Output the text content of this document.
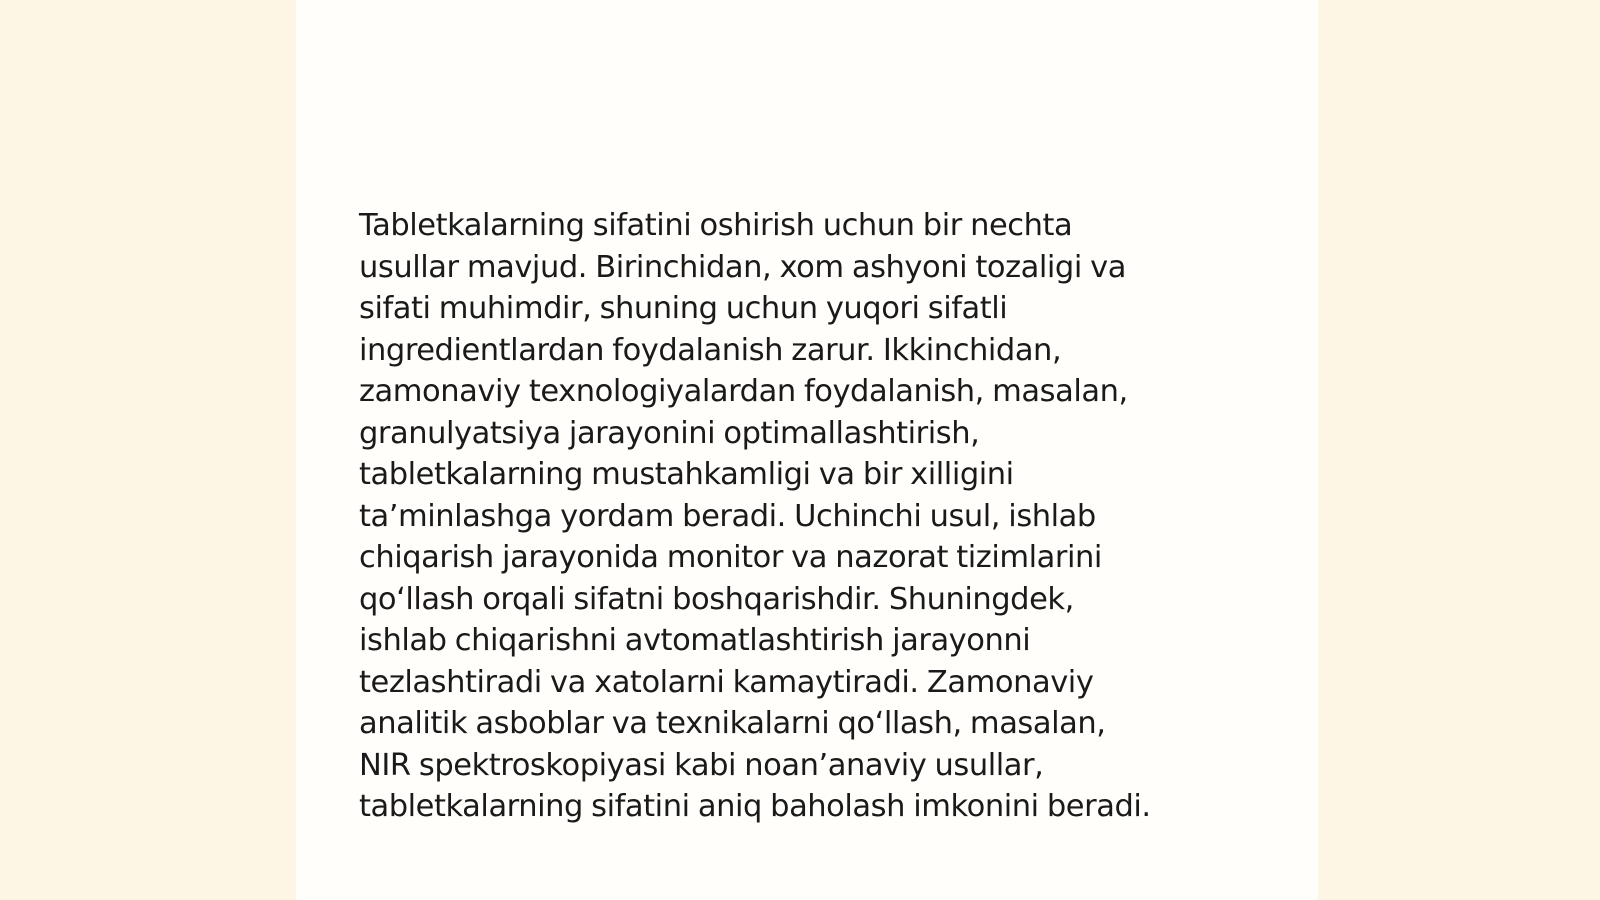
Tabletkalarning sifatini oshirish uchun bir nechta
usullar mavjud. Birinchidan, xom ashyoni tozaligi va
sifati muhimdir, shuning uchun yuqori sifatli
ingredientlardan foydalanish zarur. Ikkinchidan,
zamonaviy texnologiyalardan foydalanish, masalan,
granulyatsiya jarayonini optimallashtirish,
tabletkalarning mustahkamligi va bir xilligini
ta’minlashga yordam beradi. Uchinchi usul, ishlab
chiqarish jarayonida monitor va nazorat tizimlarini
qo‘llash orqali sifatni boshqarishdir. Shuningdek,
ishlab chiqarishni avtomatlashtirish jarayonni
tezlashtiradi va xatolarni kamaytiradi. Zamonaviy
analitik asboblar va texnikalarni qo‘llash, masalan,
NIR spektroskopiyasi kabi noan’anaviy usullar,
tabletkalarning sifatini aniq baholash imkonini beradi.
